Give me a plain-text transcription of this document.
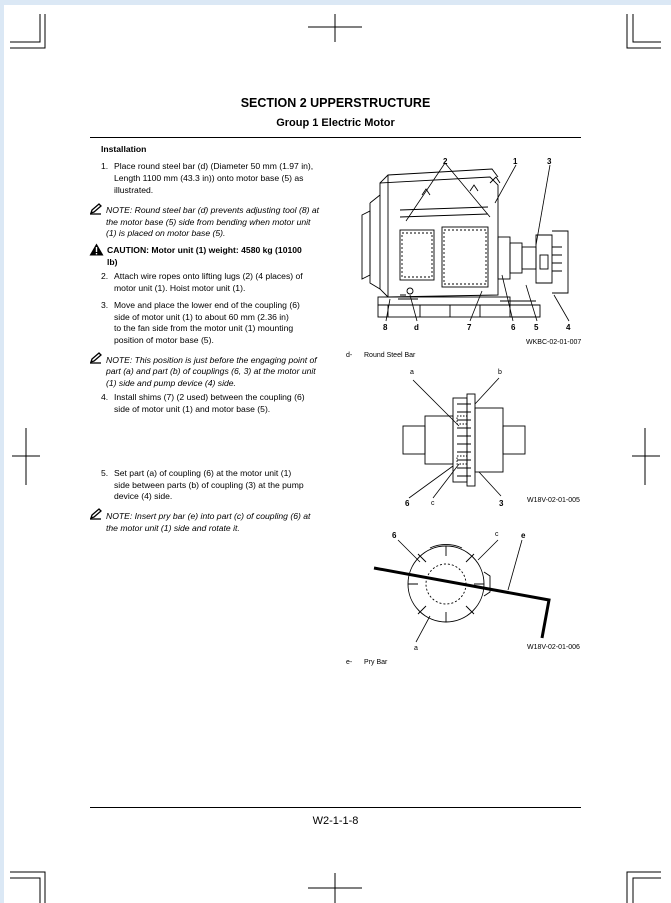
SECTION 2 UPPERSTRUCTURE
Group 1 Electric Motor
Installation
1. Place round steel bar (d) (Diameter 50 mm (1.97 in),
Length 1100 mm (43.3 in)) onto motor base (5) as
illustrated.
NOTE: Round steel bar (d) prevents adjusting tool (8) at
the motor base (5) side from bending when motor unit
(1) is placed on motor base (5).
CAUTION: Motor unit (1) weight: 4580 kg (10100
lb)
2. Attach wire ropes onto lifting lugs (2) (4 places) of
motor unit (1). Hoist motor unit (1).
3. Move and place the lower end of the coupling (6)
side of motor unit (1) to about 60 mm (2.36 in)
to the fan side from the motor unit (1) mounting
position of motor base (5).
NOTE: This position is just before the engaging point of
part (a) and part (b) of couplings (6, 3) at the motor unit
(1) side and pump device (4) side.
4. Install shims (7) (2 used) between the coupling (6)
side of motor unit (1) and motor base (5).
5. Set part (a) of coupling (6) at the motor unit (1)
side between parts (b) of coupling (3) at the pump
device (4) side.
NOTE: Insert pry bar (e) into part (c) of coupling (6) at
the motor unit (1) side and rotate it.
2	1	3
8	d	7	6 5	4
WKBC-02-01-007
d- Round Steel Bar
a	b
6	c	3	W18V-02-01-005
6	c	e
a	W18V-02-01-006
e- Pry Bar
W2-1-1-8
